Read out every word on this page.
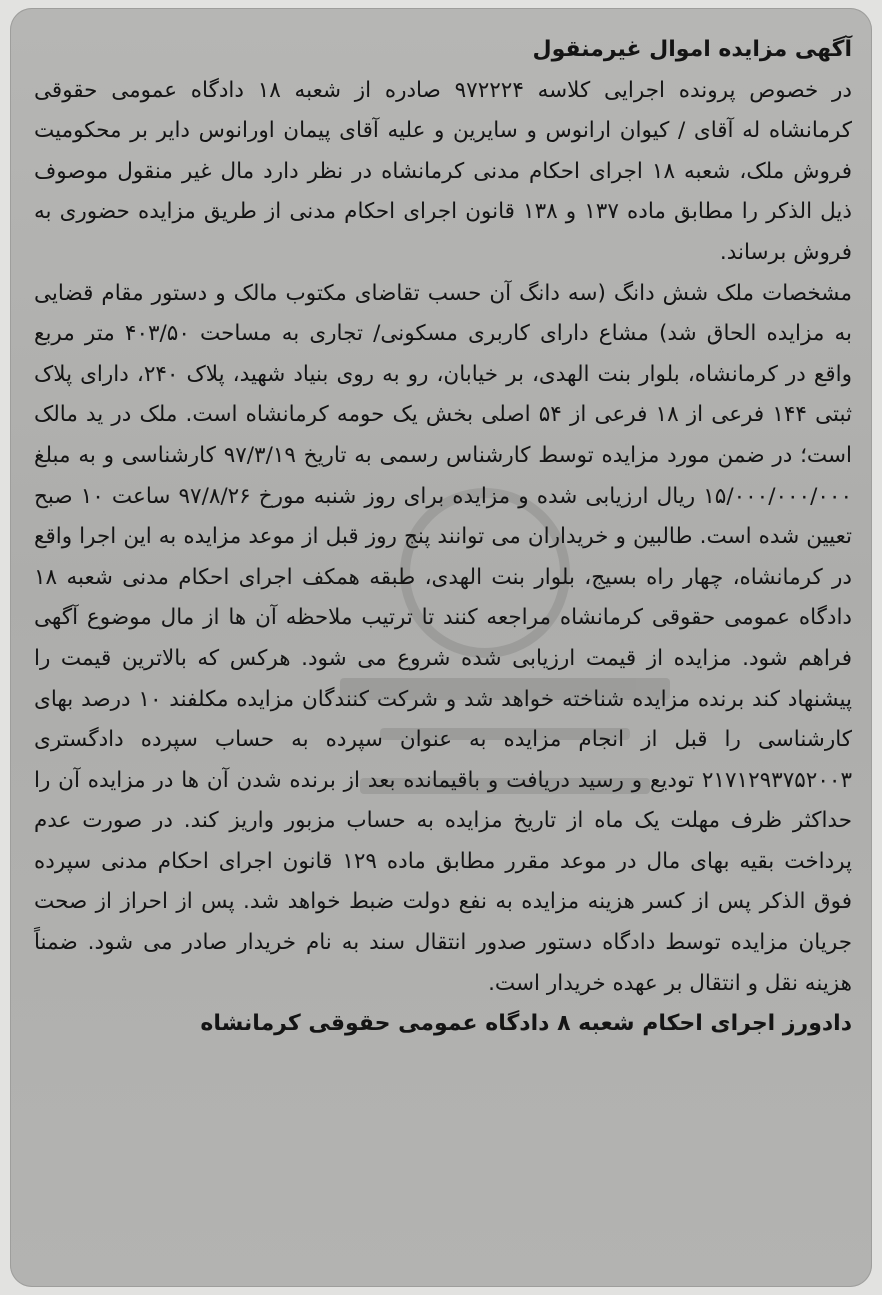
آگهی مزایده اموال غیرمنقول

در خصوص پرونده اجرایی کلاسه ۹۷۲۲۲۴ صادره از شعبه ۱۸ دادگاه عمومی حقوقی کرمانشاه له آقای / کیوان ارانوس و سایرین و علیه آقای پیمان اورانوس دایر بر محکومیت فروش ملک، شعبه ۱۸ اجرای احکام مدنی کرمانشاه در نظر دارد مال غیر منقول موصوف ذیل الذکر را مطابق ماده ۱۳۷ و ۱۳۸ قانون اجرای احکام مدنی از طریق مزایده حضوری به فروش برساند.

مشخصات ملک شش دانگ (سه دانگ آن حسب تقاضای مکتوب مالک و دستور مقام قضایی به مزایده الحاق شد) مشاع دارای کاربری مسکونی/ تجاری به مساحت ۴۰۳/۵۰ متر مربع واقع در کرمانشاه، بلوار بنت الهدی، بر خیابان، رو به روی بنیاد شهید، پلاک ۲۴۰، دارای پلاک ثبتی ۱۴۴ فرعی از ۱۸ فرعی از ۵۴ اصلی بخش یک حومه کرمانشاه است. ملک در ید مالک است؛ در ضمن مورد مزایده توسط کارشناس رسمی به تاریخ ۹۷/۳/۱۹ کارشناسی و به مبلغ ۱۵/۰۰۰/۰۰۰/۰۰۰ ریال ارزیابی شده و مزایده برای روز شنبه مورخ ۹۷/۸/۲۶ ساعت ۱۰ صبح تعیین شده است. طالبین و خریداران می توانند پنج روز قبل از موعد مزایده به این اجرا واقع در کرمانشاه، چهار راه بسیج، بلوار بنت الهدی، طبقه همکف اجرای احکام مدنی شعبه ۱۸ دادگاه عمومی حقوقی کرمانشاه مراجعه کنند تا ترتیب ملاحظه آن ها از مال موضوع آگهی فراهم شود. مزایده از قیمت ارزیابی شده شروع می شود. هرکس که بالاترین قیمت را پیشنهاد کند برنده مزایده شناخته خواهد شد و شرکت کنندگان مزایده مکلفند ۱۰ درصد بهای کارشناسی را قبل از انجام مزایده به عنوان سپرده به حساب سپرده دادگستری ۲۱۷۱۲۹۳۷۵۲۰۰۳ تودیع و رسید دریافت و باقیمانده بعد از برنده شدن آن ها در مزایده آن را حداکثر ظرف مهلت یک ماه از تاریخ مزایده به حساب مزبور واریز کند. در صورت عدم پرداخت بقیه بهای مال در موعد مقرر مطابق ماده ۱۲۹ قانون اجرای احکام مدنی سپرده فوق الذکر پس از کسر هزینه مزایده به نفع دولت ضبط خواهد شد. پس از احراز از صحت جریان مزایده توسط دادگاه دستور صدور انتقال سند به نام خریدار صادر می شود. ضمناً هزینه نقل و انتقال بر عهده خریدار است.

دادورز اجرای احکام شعبه ۸ دادگاه عمومی حقوقی کرمانشاه
